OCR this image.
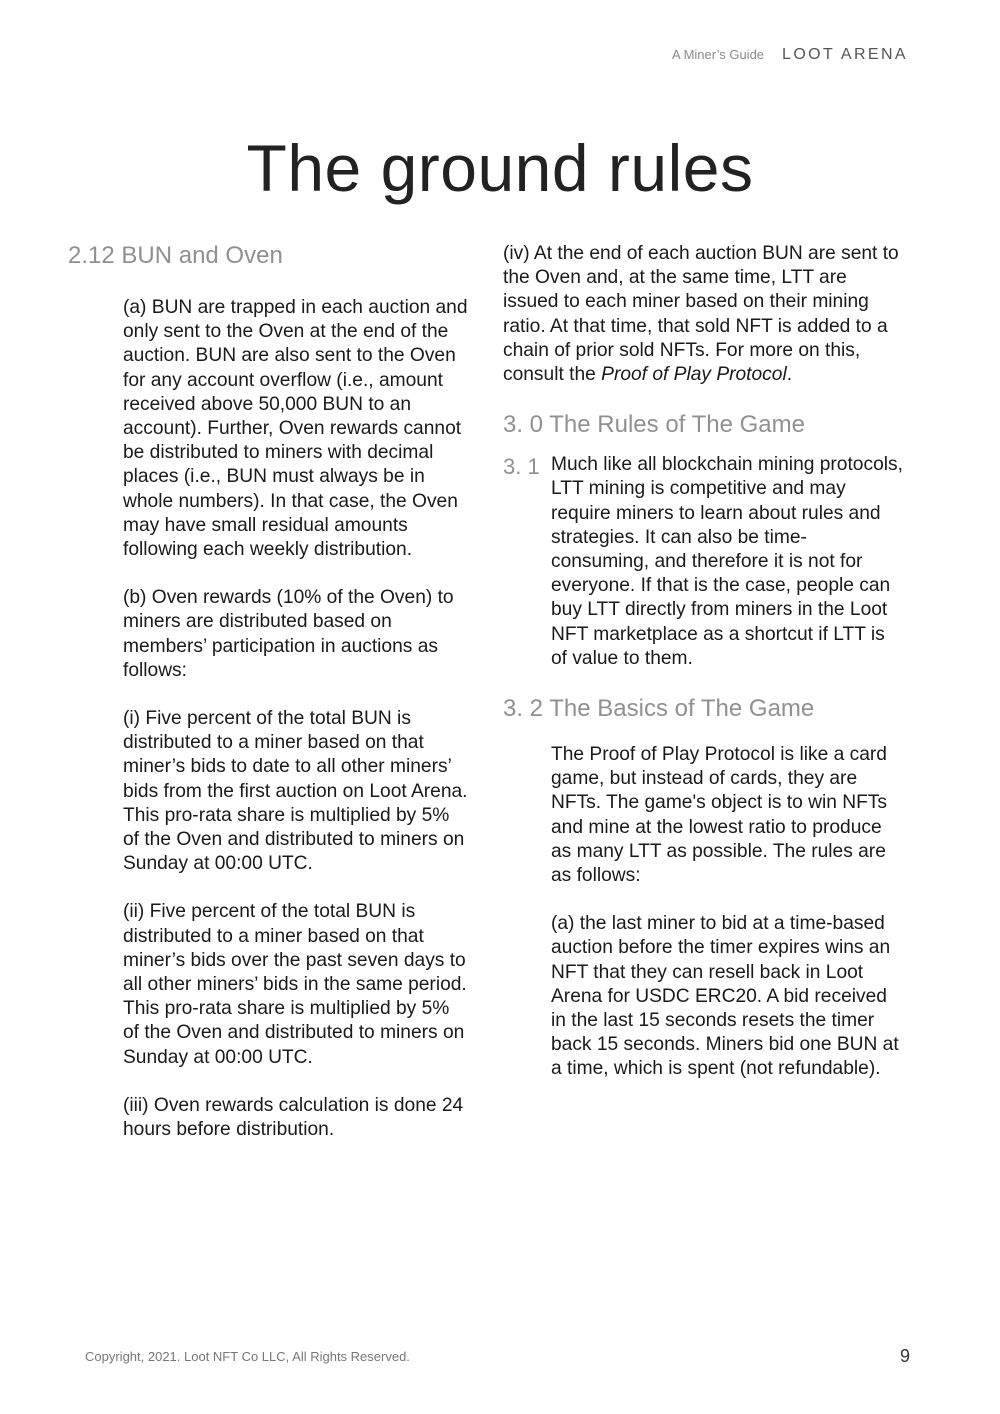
A Miner’s Guide LOOT ARENA
The ground rules
2.12 BUN and Oven

(a) BUN are trapped in each auction and only sent to the Oven at the end of the auction. BUN are also sent to the Oven for any account overflow (i.e., amount received above 50,000 BUN to an account). Further, Oven rewards cannot be distributed to miners with decimal places (i.e., BUN must always be in whole numbers). In that case, the Oven may have small residual amounts following each weekly distribution.

(b) Oven rewards (10% of the Oven) to miners are distributed based on members’ participation in auctions as follows:

(i) Five percent of the total BUN is distributed to a miner based on that miner’s bids to date to all other miners’ bids from the first auction on Loot Arena. This pro-rata share is multiplied by 5% of the Oven and distributed to miners on Sunday at 00:00 UTC.

(ii) Five percent of the total BUN is distributed to a miner based on that miner’s bids over the past seven days to all other miners’ bids in the same period. This pro-rata share is multiplied by 5% of the Oven and distributed to miners on Sunday at 00:00 UTC.

(iii) Oven rewards calculation is done 24 hours before distribution.

(iv) At the end of each auction BUN are sent to the Oven and, at the same time, LTT are issued to each miner based on their mining ratio. At that time, that sold NFT is added to a chain of prior sold NFTs. For more on this, consult the Proof of Play Protocol.

3. 0 The Rules of The Game
3. 1 Much like all blockchain mining protocols, LTT mining is competitive and may require miners to learn about rules and strategies. It can also be time-consuming, and therefore it is not for everyone. If that is the case, people can buy LTT directly from miners in the Loot NFT marketplace as a shortcut if LTT is of value to them.

3. 2 The Basics of The Game

The Proof of Play Protocol is like a card game, but instead of cards, they are NFTs. The game's object is to win NFTs and mine at the lowest ratio to produce as many LTT as possible. The rules are as follows:

(a) the last miner to bid at a time-based auction before the timer expires wins an NFT that they can resell back in Loot Arena for USDC ERC20. A bid received in the last 15 seconds resets the timer back 15 seconds. Miners bid one BUN at a time, which is spent (not refundable).

Copyright, 2021. Loot NFT Co LLC, All Rights Reserved.	9
